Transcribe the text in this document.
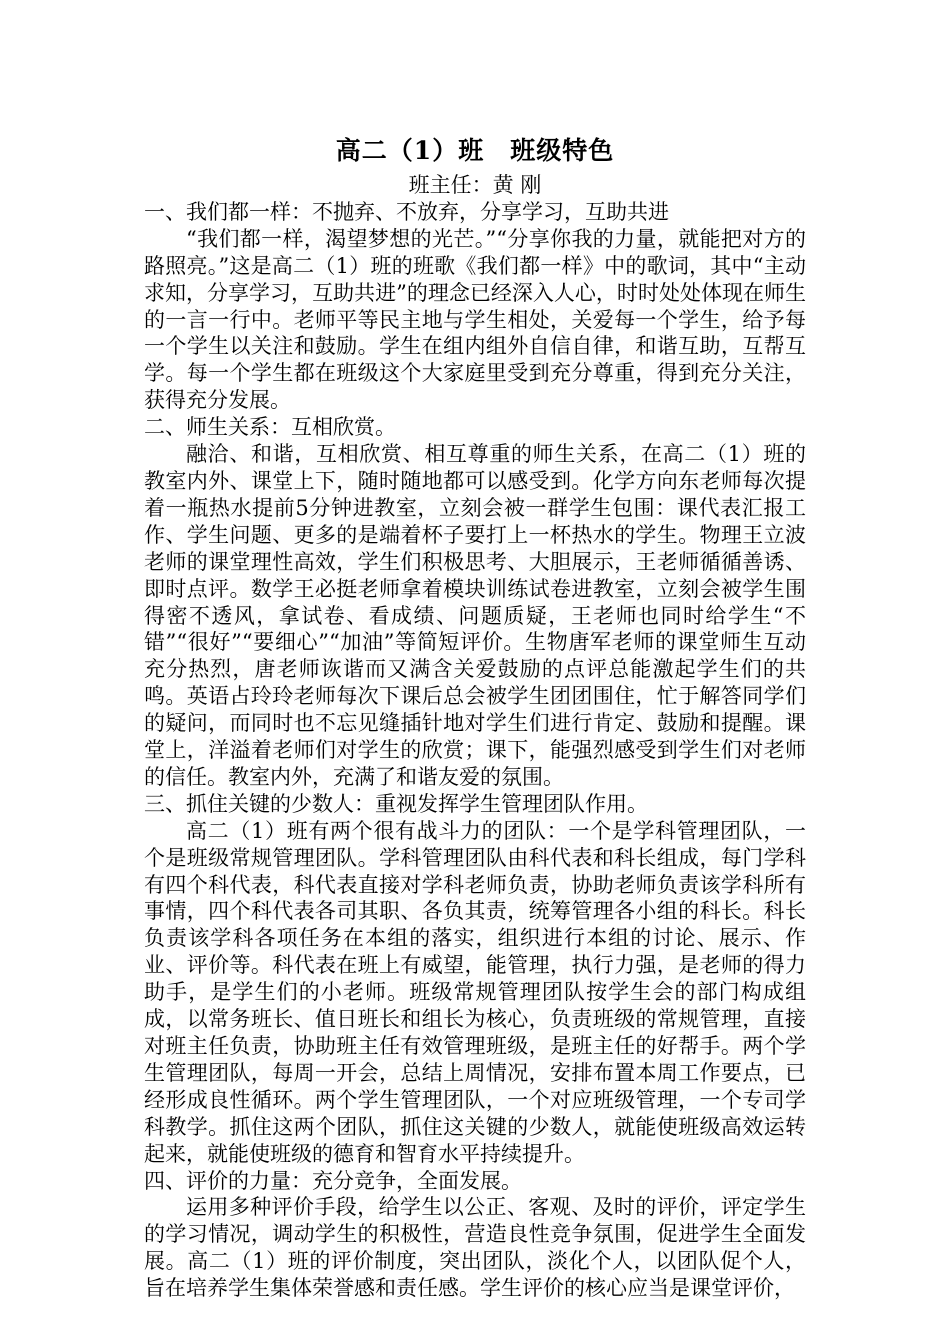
高二（1）班　班级特色

班主任：黄 刚

一、我们都一样：不抛弃、不放弃，分享学习，互助共进

“我们都一样，渴望梦想的光芒。”“分享你我的力量，就能把对方的路照亮。”这是高二（1）班的班歌《我们都一样》中的歌词，其中“主动求知，分享学习，互助共进”的理念已经深入人心，时时处处体现在师生的一言一行中。老师平等民主地与学生相处，关爱每一个学生，给予每一个学生以关注和鼓励。学生在组内组外自信自律，和谐互助，互帮互学。每一个学生都在班级这个大家庭里受到充分尊重，得到充分关注，获得充分发展。

二、师生关系：互相欣赏。

融洽、和谐，互相欣赏、相互尊重的师生关系，在高二（1）班的教室内外、课堂上下，随时随地都可以感受到。化学方向东老师每次提着一瓶热水提前5分钟进教室，立刻会被一群学生包围：课代表汇报工作、学生问题、更多的是端着杯子要打上一杯热水的学生。物理王立波老师的课堂理性高效，学生们积极思考、大胆展示，王老师循循善诱、即时点评。数学王必挺老师拿着模块训练试卷进教室，立刻会被学生围得密不透风，拿试卷、看成绩、问题质疑，王老师也同时给学生“不错”“很好”“要细心”“加油”等简短评价。生物唐军老师的课堂师生互动充分热烈，唐老师诙谐而又满含关爱鼓励的点评总能激起学生们的共鸣。英语占玲玲老师每次下课后总会被学生团团围住，忙于解答同学们的疑问，而同时也不忘见缝插针地对学生们进行肯定、鼓励和提醒。课堂上，洋溢着老师们对学生的欣赏；课下，能强烈感受到学生们对老师的信任。教室内外，充满了和谐友爱的氛围。

三、抓住关键的少数人：重视发挥学生管理团队作用。

高二（1）班有两个很有战斗力的团队：一个是学科管理团队，一个是班级常规管理团队。学科管理团队由科代表和科长组成，每门学科有四个科代表，科代表直接对学科老师负责，协助老师负责该学科所有事情，四个科代表各司其职、各负其责，统筹管理各小组的科长。科长负责该学科各项任务在本组的落实，组织进行本组的讨论、展示、作业、评价等。科代表在班上有威望，能管理，执行力强，是老师的得力助手，是学生们的小老师。班级常规管理团队按学生会的部门构成组成，以常务班长、值日班长和组长为核心，负责班级的常规管理，直接对班主任负责，协助班主任有效管理班级，是班主任的好帮手。两个学生管理团队，每周一开会，总结上周情况，安排布置本周工作要点，已经形成良性循环。两个学生管理团队，一个对应班级管理，一个专司学科教学。抓住这两个团队，抓住这关键的少数人，就能使班级高效运转起来，就能使班级的德育和智育水平持续提升。

四、评价的力量：充分竞争，全面发展。

运用多种评价手段，给学生以公正、客观、及时的评价，评定学生的学习情况，调动学生的积极性，营造良性竞争氛围，促进学生全面发展。高二（1）班的评价制度，突出团队，淡化个人，以团队促个人，旨在培养学生集体荣誉感和责任感。学生评价的核心应当是课堂评价，
